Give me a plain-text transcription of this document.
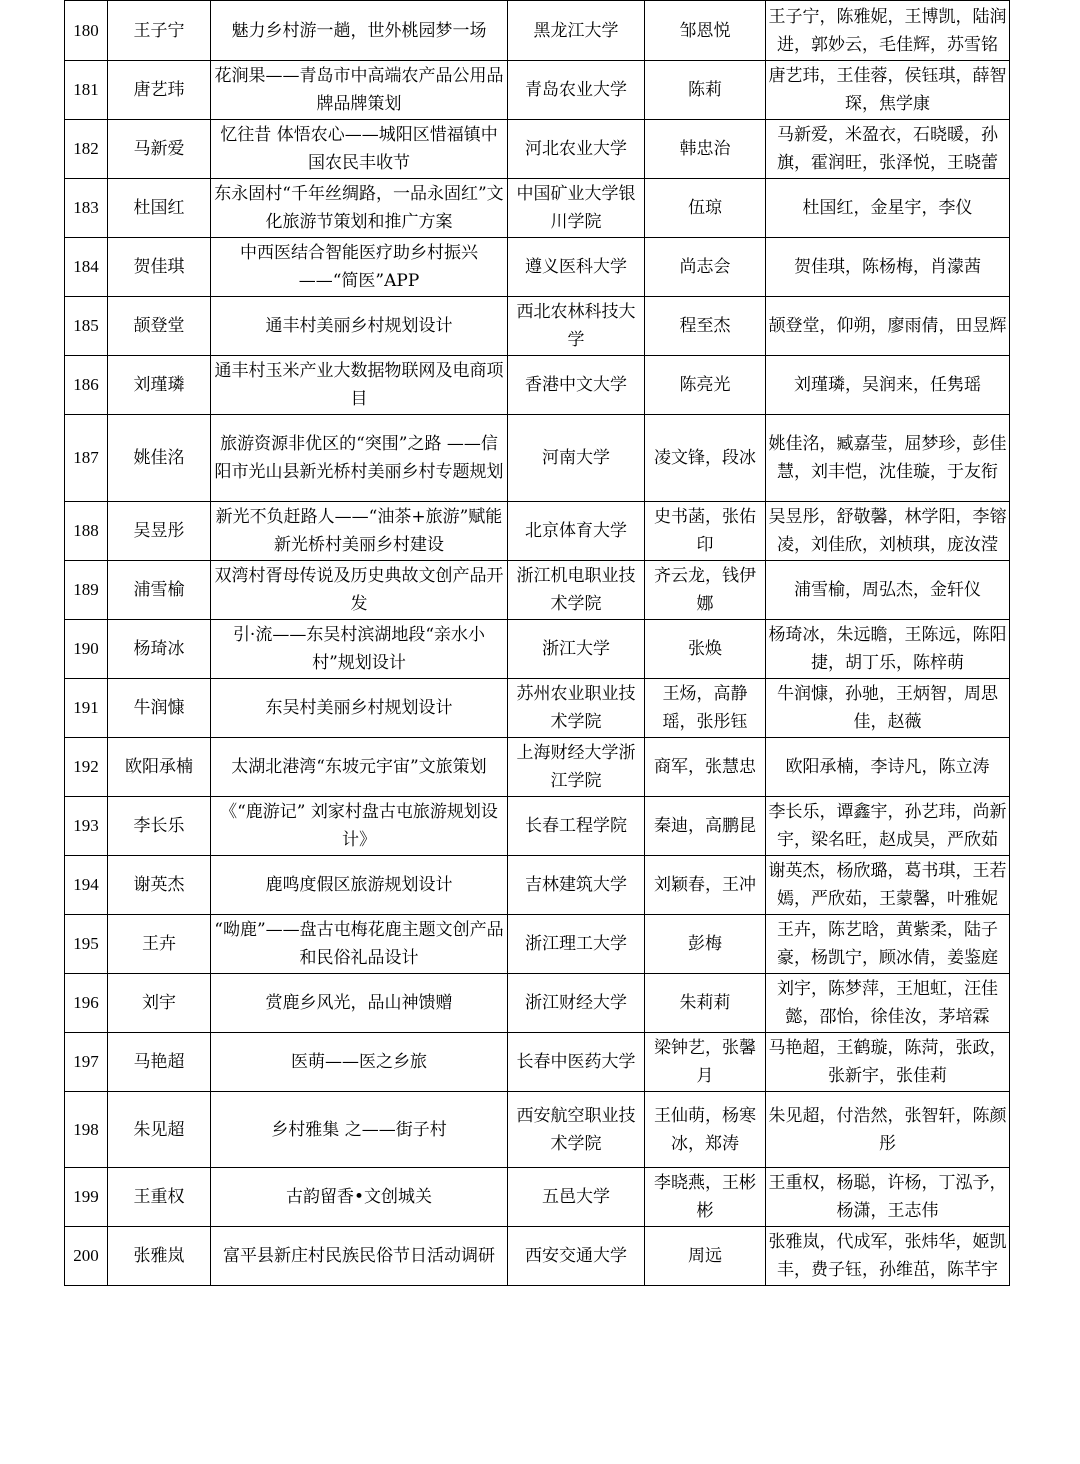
180	王子宁	魅力乡村游一趟，世外桃园梦一场	黑龙江大学	邹恩悦	王子宁，陈雅妮，王博凯，陆润进，郭妙云，毛佳辉，苏雪铭
181	唐艺玮	花涧果——青岛市中高端农产品公用品牌品牌策划	青岛农业大学	陈莉	唐艺玮，王佳蓉，侯钰琪，薛智琛，焦学康
182	马新爱	忆往昔 体悟农心——城阳区惜福镇中国农民丰收节	河北农业大学	韩忠治	马新爱，米盈衣，石晓暖，孙旗，霍润旺，张泽悦，王晓蕾
183	杜国红	东永固村“千年丝绸路，一品永固红”文化旅游节策划和推广方案	中国矿业大学银川学院	伍琼	杜国红，金星宇，李仪
184	贺佳琪	中西医结合智能医疗助乡村振兴——“简医”APP	遵义医科大学	尚志会	贺佳琪，陈杨梅，肖濛茜
185	颉登堂	通丰村美丽乡村规划设计	西北农林科技大学	程至杰	颉登堂，仰朔，廖雨倩，田昱辉
186	刘瑾璘	通丰村玉米产业大数据物联网及电商项目	香港中文大学	陈亮光	刘瑾璘，吴润来，任隽瑶
187	姚佳洺	旅游资源非优区的“突围”之路 ——信阳市光山县新光桥村美丽乡村专题规划	河南大学	凌文锋，段冰	姚佳洺，臧嘉莹，屈梦珍，彭佳慧，刘丰恺，沈佳璇，于友衔
188	吴昱彤	新光不负赶路人——“油茶+旅游”赋能新光桥村美丽乡村建设	北京体育大学	史书菡，张佑印	吴昱彤，舒敬馨，林学阳，李镕凌，刘佳欣，刘桢琪，庞汝滢
189	浦雪榆	双湾村胥母传说及历史典故文创产品开发	浙江机电职业技术学院	齐云龙，钱伊娜	浦雪榆，周弘杰，金轩仪
190	杨琦冰	引·流——东吴村滨湖地段“亲水小村”规划设计	浙江大学	张焕	杨琦冰，朱远瞻，王陈远，陈阳捷，胡丁乐，陈梓萌
191	牛润慷	东吴村美丽乡村规划设计	苏州农业职业技术学院	王炀，高静瑶，张彤钰	牛润慷，孙驰，王炳智，周思佳，赵薇
192	欧阳承楠	太湖北港湾“东坡元宇宙”文旅策划	上海财经大学浙江学院	商军，张慧忠	欧阳承楠，李诗凡，陈立涛
193	李长乐	《“鹿游记” 刘家村盘古屯旅游规划设计》	长春工程学院	秦迪，高鹏昆	李长乐，谭鑫宇，孙艺玮，尚新宇，梁名旺，赵成昊，严欣茹
194	谢英杰	鹿鸣度假区旅游规划设计	吉林建筑大学	刘颖春，王冲	谢英杰，杨欣璐，葛书琪，王若嫣，严欣茹，王蒙馨，叶雅妮
195	王卉	“呦鹿”——盘古屯梅花鹿主题文创产品和民俗礼品设计	浙江理工大学	彭梅	王卉，陈艺晗，黄紫柔，陆子豪，杨凯宁，顾冰倩，姜鉴庭
196	刘宇	赏鹿乡风光，品山神馈赠	浙江财经大学	朱莉莉	刘宇，陈梦萍，王旭虹，汪佳懿，邵怡，徐佳汝，茅培霖
197	马艳超	医萌——医之乡旅	长春中医药大学	梁钟艺，张馨月	马艳超，王鹤璇，陈菏，张政，张新宇，张佳莉
198	朱见超	乡村雅集 之——街子村	西安航空职业技术学院	王仙萌，杨寒冰，郑涛	朱见超，付浩然，张智轩，陈颜彤
199	王重权	古韵留香•文创城关	五邑大学	李晓燕，王彬彬	王重权，杨聪，许杨，丁泓予，杨潇，王志伟
200	张雅岚	富平县新庄村民族民俗节日活动调研	西安交通大学	周远	张雅岚，代成军，张炜华，姬凯丰，费子钰，孙维茁，陈芊宇
